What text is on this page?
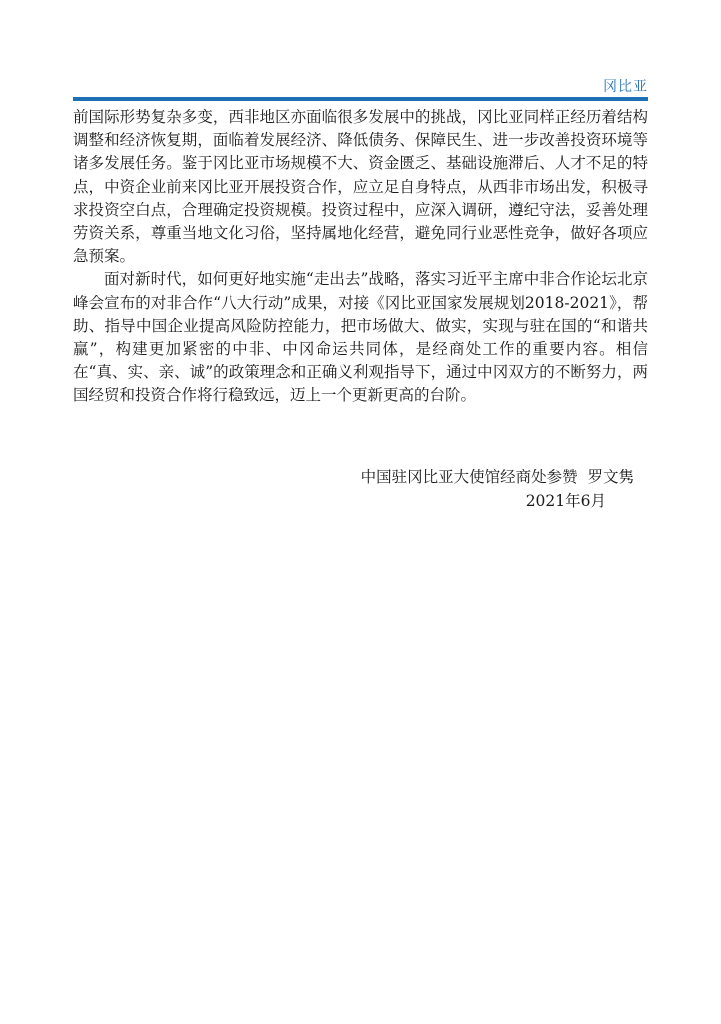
冈比亚

前国际形势复杂多变，西非地区亦面临很多发展中的挑战，冈比亚同样正经历着结构调整和经济恢复期，面临着发展经济、降低债务、保障民生、进一步改善投资环境等诸多发展任务。鉴于冈比亚市场规模不大、资金匮乏、基础设施滞后、人才不足的特点，中资企业前来冈比亚开展投资合作，应立足自身特点，从西非市场出发，积极寻求投资空白点，合理确定投资规模。投资过程中，应深入调研，遵纪守法，妥善处理劳资关系，尊重当地文化习俗，坚持属地化经营，避免同行业恶性竞争，做好各项应急预案。

面对新时代，如何更好地实施“走出去”战略，落实习近平主席中非合作论坛北京峰会宣布的对非合作“八大行动”成果，对接《冈比亚国家发展规划2018-2021》，帮助、指导中国企业提高风险防控能力，把市场做大、做实，实现与驻在国的“和谐共赢”，构建更加紧密的中非、中冈命运共同体，是经商处工作的重要内容。相信在“真、实、亲、诚”的政策理念和正确义利观指导下，通过中冈双方的不断努力，两国经贸和投资合作将行稳致远，迈上一个更新更高的台阶。

中国驻冈比亚大使馆经商处参赞  罗文隽
2021年6月
